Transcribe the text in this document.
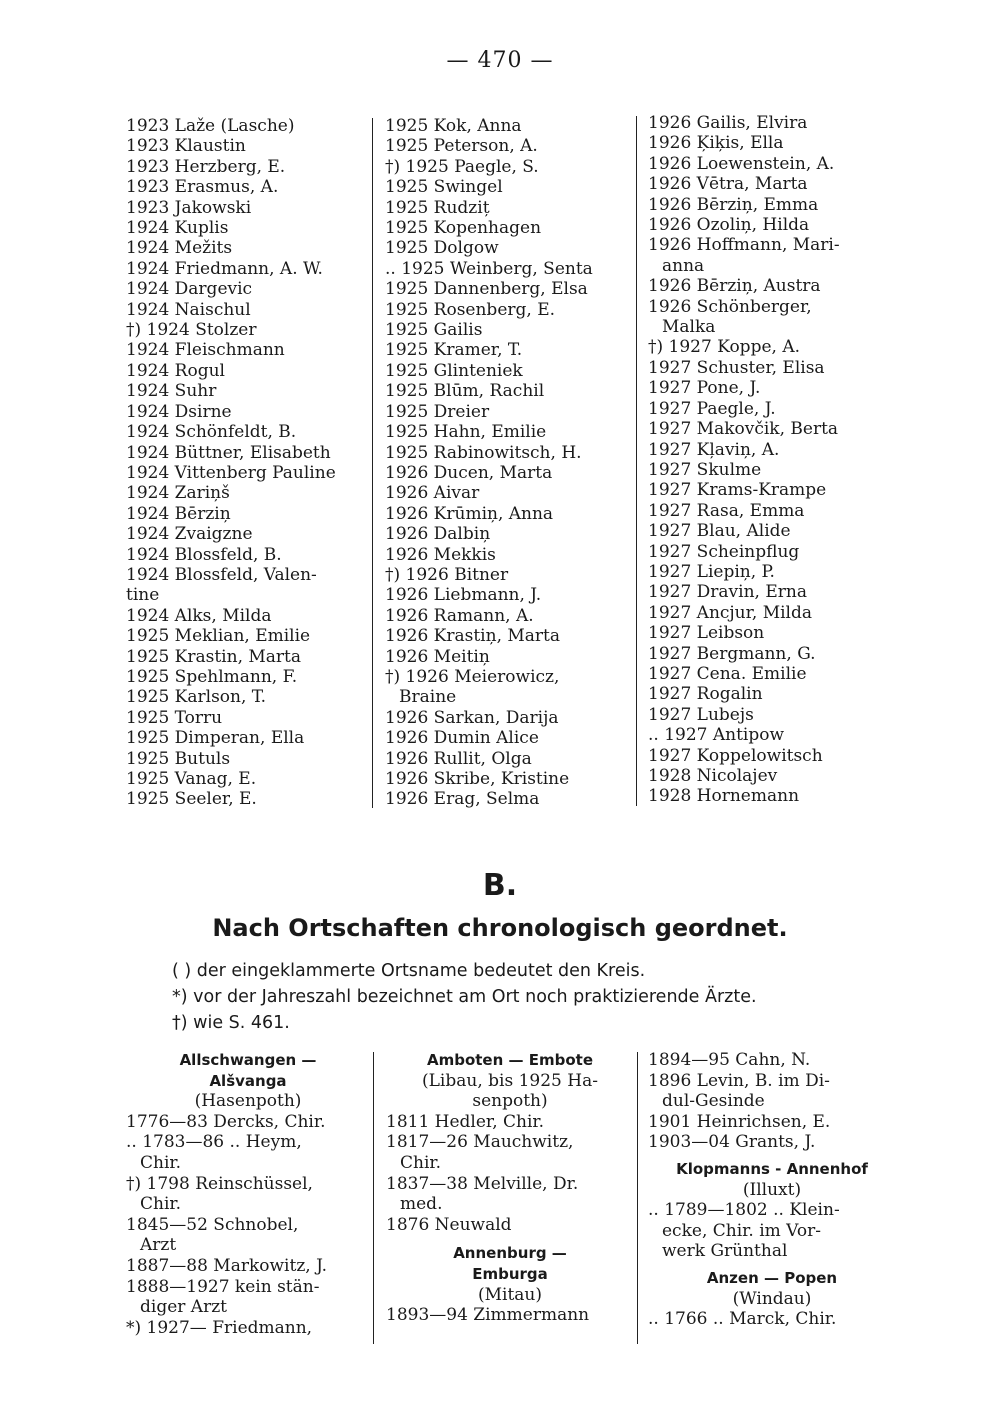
— 470 —
1923 Laže (Lasche)
1923 Klaustin
1923 Herzberg, E.
1923 Erasmus, A.
1923 Jakowski
1924 Kuplis
1924 Mežits
1924 Friedmann, A. W.
1924 Dargevic
1924 Naischul
†) 1924 Stolzer
1924 Fleischmann
1924 Rogul
1924 Suhr
1924 Dsirne
1924 Schönfeldt, B.
1924 Büttner, Elisabeth
1924 Vittenberg Pauline
1924 Zariņš
1924 Bērziņ
1924 Zvaigzne
1924 Blossfeld, B.
1924 Blossfeld, Valen-
tine
1924 Alks, Milda
1925 Meklian, Emilie
1925 Krastin, Marta
1925 Spehlmann, F.
1925 Karlson, T.
1925 Torru
1925 Dimperan, Ella
1925 Butuls
1925 Vanag, E.
1925 Seeler, E.
1925 Kok, Anna
1925 Peterson, A.
†) 1925 Paegle, S.
1925 Swingel
1925 Rudziț
1925 Kopenhagen
1925 Dolgow
.. 1925 Weinberg, Senta
1925 Dannenberg, Elsa
1925 Rosenberg, E.
1925 Gailis
1925 Kramer, T.
1925 Glinteniek
1925 Blūm, Rachil
1925 Dreier
1925 Hahn, Emilie
1925 Rabinowitsch, H.
1926 Ducen, Marta
1926 Aivar
1926 Krūmiņ, Anna
1926 Dalbiņ
1926 Mekkis
†) 1926 Bitner
1926 Liebmann, J.
1926 Ramann, A.
1926 Krastiņ, Marta
1926 Meitiņ
†) 1926 Meierowicz,
Braine
1926 Sarkan, Darija
1926 Dumin Alice
1926 Rullit, Olga
1926 Skribe, Kristine
1926 Erag, Selma
1926 Gailis, Elvira
1926 Ķiķis, Ella
1926 Loewenstein, A.
1926 Vētra, Marta
1926 Bērziņ, Emma
1926 Ozoliņ, Hilda
1926 Hoffmann, Mari-
anna
1926 Bērziņ, Austra
1926 Schönberger,
Malka
†) 1927 Koppe, A.
1927 Schuster, Elisa
1927 Pone, J.
1927 Paegle, J.
1927 Makovčik, Berta
1927 Kļaviņ, A.
1927 Skulme
1927 Krams-Krampe
1927 Rasa, Emma
1927 Blau, Alide
1927 Scheinpflug
1927 Liepiņ, P.
1927 Dravin, Erna
1927 Ancjur, Milda
1927 Leibson
1927 Bergmann, G.
1927 Cena. Emilie
1927 Rogalin
1927 Lubejs
.. 1927 Antipow
1927 Koppelowitsch
1928 Nicolajev
1928 Hornemann
B.
Nach Ortschaften chronologisch geordnet.
( ) der eingeklammerte Ortsname bedeutet den Kreis.
*) vor der Jahreszahl bezeichnet am Ort noch praktizierende Ärzte.
†) wie S. 461.
Allschwangen —
Alšvanga
(Hasenpoth)
1776—83 Dercks, Chir.
.. 1783—86 .. Heym,
Chir.
†) 1798 Reinschüssel,
Chir.
1845—52 Schnobel,
Arzt
1887—88 Markowitz, J.
1888—1927 kein stän-
diger Arzt
*) 1927— Friedmann,
Amboten — Embote
(Libau, bis 1925 Ha-
senpoth)
1811 Hedler, Chir.
1817—26 Mauchwitz,
Chir.
1837—38 Melville, Dr.
med.
1876 Neuwald
Annenburg —
Emburga
(Mitau)
1893—94 Zimmermann
1894—95 Cahn, N.
1896 Levin, B. im Di-
dul-Gesinde
1901 Heinrichsen, E.
1903—04 Grants, J.
Klopmanns - Annenhof
(Illuxt)
.. 1789—1802 .. Klein-
ecke, Chir. im Vor-
werk Grünthal
Anzen — Popen
(Windau)
.. 1766 .. Marck, Chir.
